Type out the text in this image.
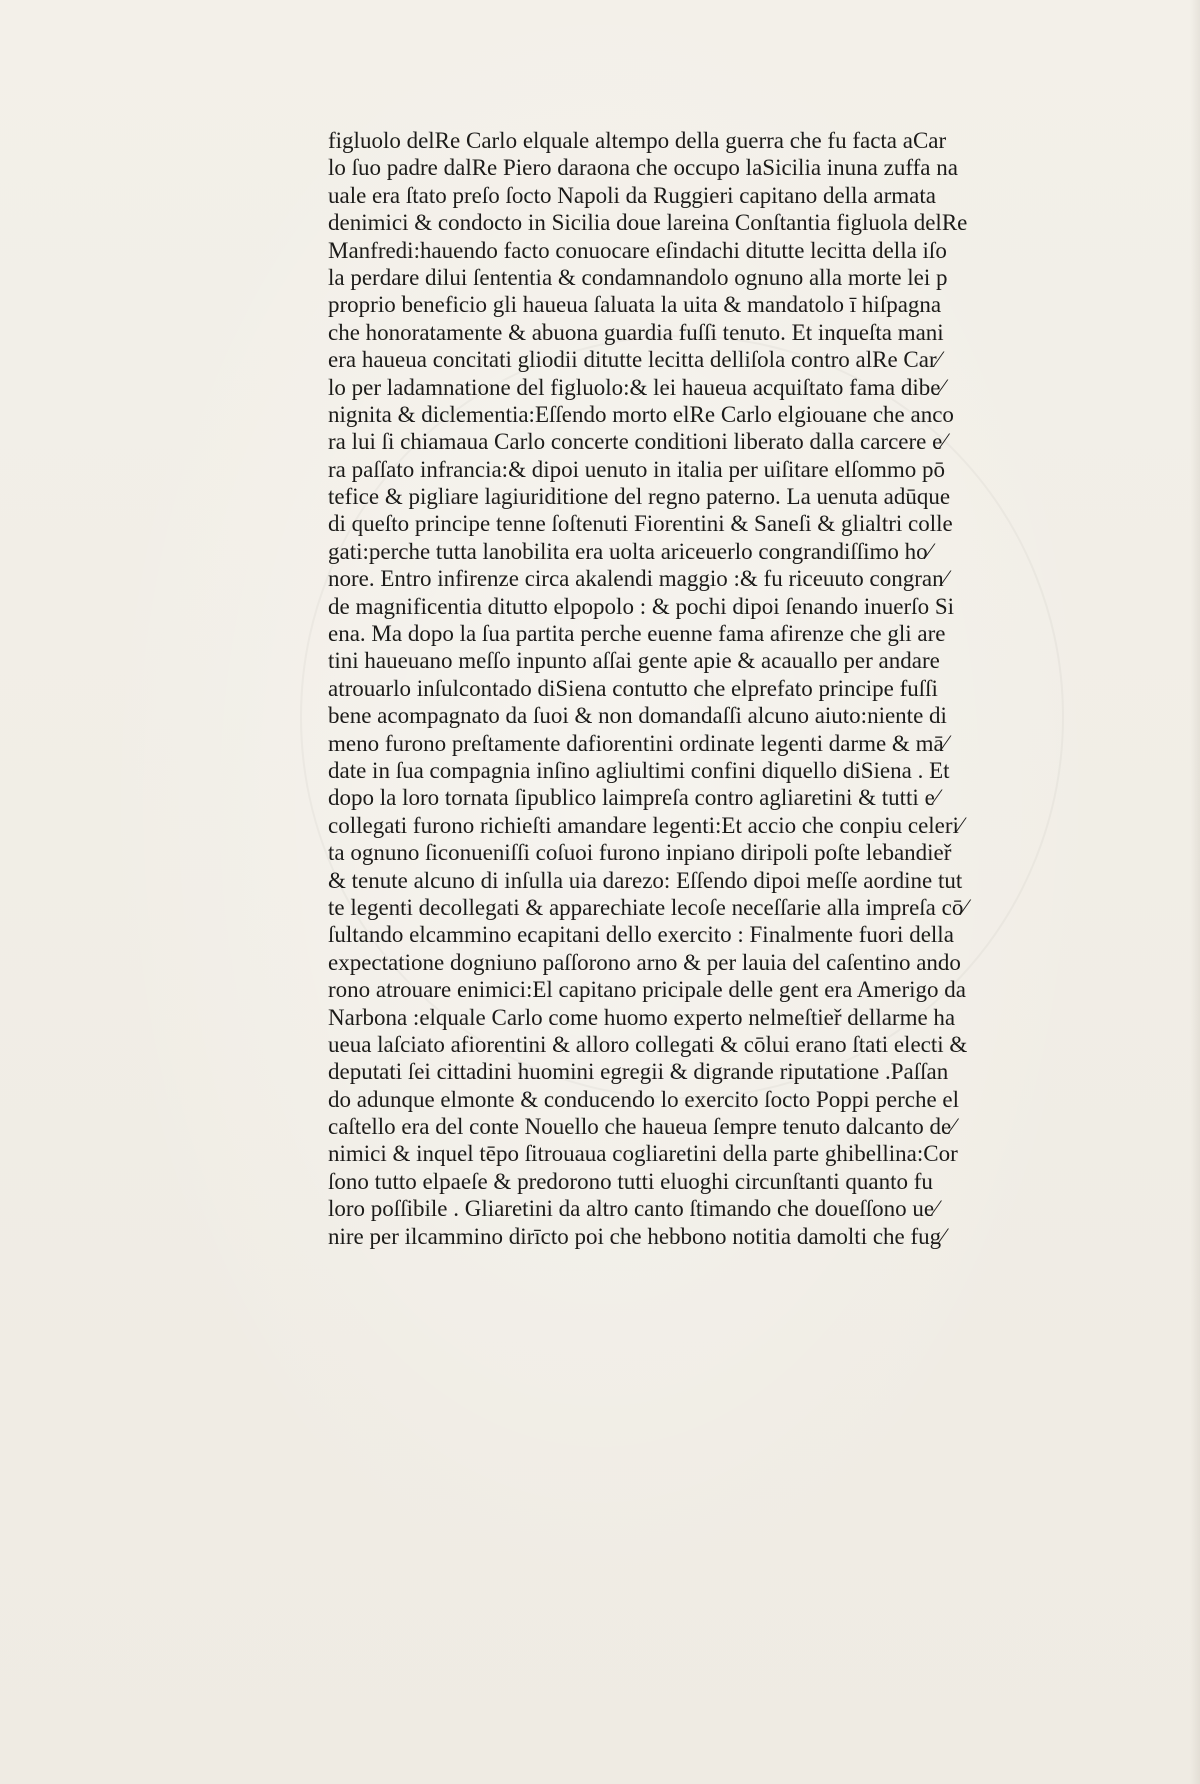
figluolo delRe Carlo elquale altempo della guerra che fu facta aCar
lo ſuo padre dalRe Piero daraona che occupo laSicilia inuna zuffa na
uale era ſtato preſo ſocto Napoli da Ruggieri capitano della armata
denimici & condocto in Sicilia doue lareina Conſtantia figluola delRe
Manfredi:hauendo facto conuocare eſindachi ditutte lecitta della iſo
la perdare dilui ſententia & condamnandolo ognuno alla morte lei p
proprio beneficio gli haueua ſaluata la uita & mandatolo ī hiſpagna
che honoratamente & abuona guardia fuſſi tenuto. Et inqueſta mani
era haueua concitati gliodii ditutte lecitta delliſola contro alRe Car⁄
lo per ladamnatione del figluolo:& lei haueua acquiſtato fama dibe⁄
nignita & diclementia:Eſſendo morto elRe Carlo elgiouane che anco
ra lui ſi chiamaua Carlo concerte conditioni liberato dalla carcere e⁄
ra paſſato infrancia:& dipoi uenuto in italia per uiſitare elſommo pō
tefice & pigliare lagiuriditione del regno paterno. La uenuta adūque
di queſto principe tenne ſoſtenuti Fiorentini & Saneſi & glialtri colle
gati:perche tutta lanobilita era uolta ariceuerlo congrandiſſimo ho⁄
nore. Entro infirenze circa akalendi maggio :& fu riceuuto congran⁄
de magnificentia ditutto elpopolo : & pochi dipoi ſenando inuerſo Si
ena. Ma dopo la ſua partita perche euenne fama afirenze che gli are
tini haueuano meſſo inpunto aſſai gente apie & acauallo per andare
atrouarlo inſulcontado diSiena contutto che elprefato principe fuſſi
bene acompagnato da ſuoi & non domandaſſi alcuno aiuto:niente di
meno furono preſtamente dafiorentini ordinate legenti darme & mā⁄
date in ſua compagnia inſino agliultimi confini diquello diSiena . Et
dopo la loro tornata ſipublico laimpreſa contro agliaretini & tutti e⁄
collegati furono richieſti amandare legenti:Et accio che conpiu celeri⁄
ta ognuno ſiconueniſſi coſuoi furono inpiano diripoli poſte lebandieř
& tenute alcuno di inſulla uia darezo: Eſſendo dipoi meſſe aordine tut
te legenti decollegati & apparechiate lecoſe neceſſarie alla impreſa cō⁄
ſultando elcammino ecapitani dello exercito : Finalmente fuori della
expectatione dogniuno paſſorono arno & per lauia del caſentino ando
rono atrouare enimici:El capitano pricipale delle gent era Amerigo da
Narbona :elquale Carlo come huomo experto nelmeſtieř dellarme ha
ueua laſciato afiorentini & alloro collegati & cōlui erano ſtati electi &
deputati ſei cittadini huomini egregii & digrande riputatione .Paſſan
do adunque elmonte & conducendo lo exercito ſocto Poppi perche el
caſtello era del conte Nouello che haueua ſempre tenuto dalcanto de⁄
nimici & inquel tēpo ſitrouaua cogliaretini della parte ghibellina:Cor
ſono tutto elpaeſe & predorono tutti eluoghi circunſtanti quanto fu
loro poſſibile . Gliaretini da altro canto ſtimando che doueſſono ue⁄
nire per ilcammino dirīcto poi che hebbono notitia damolti che fug⁄
